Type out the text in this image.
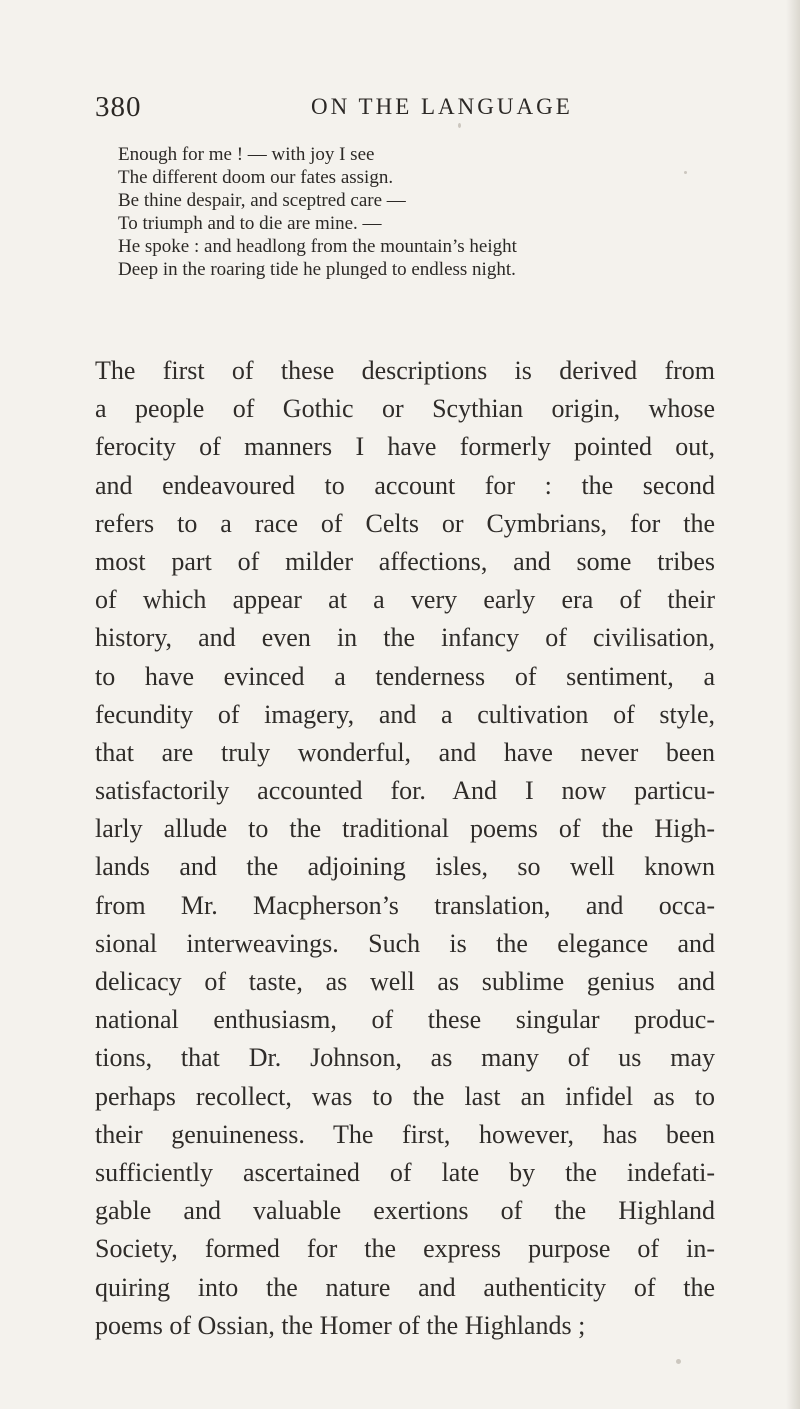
380	ON THE LANGUAGE
Enough for me ! — with joy I see
The different doom our fates assign.
Be thine despair, and sceptred care —
To triumph and to die are mine. —
He spoke : and headlong from the mountain’s height
Deep in the roaring tide he plunged to endless night.
The first of these descriptions is derived from
a people of Gothic or Scythian origin, whose
ferocity of manners I have formerly pointed out,
and endeavoured to account for : the second
refers to a race of Celts or Cymbrians, for the
most part of milder affections, and some tribes
of which appear at a very early era of their
history, and even in the infancy of civilisation,
to have evinced a tenderness of sentiment, a
fecundity of imagery, and a cultivation of style,
that are truly wonderful, and have never been
satisfactorily accounted for. And I now particu-
larly allude to the traditional poems of the High-
lands and the adjoining isles, so well known
from Mr. Macpherson’s translation, and occa-
sional interweavings. Such is the elegance and
delicacy of taste, as well as sublime genius and
national enthusiasm, of these singular produc-
tions, that Dr. Johnson, as many of us may
perhaps recollect, was to the last an infidel as to
their genuineness. The first, however, has been
sufficiently ascertained of late by the indefati-
gable and valuable exertions of the Highland
Society, formed for the express purpose of in-
quiring into the nature and authenticity of the
poems of Ossian, the Homer of the Highlands ;
